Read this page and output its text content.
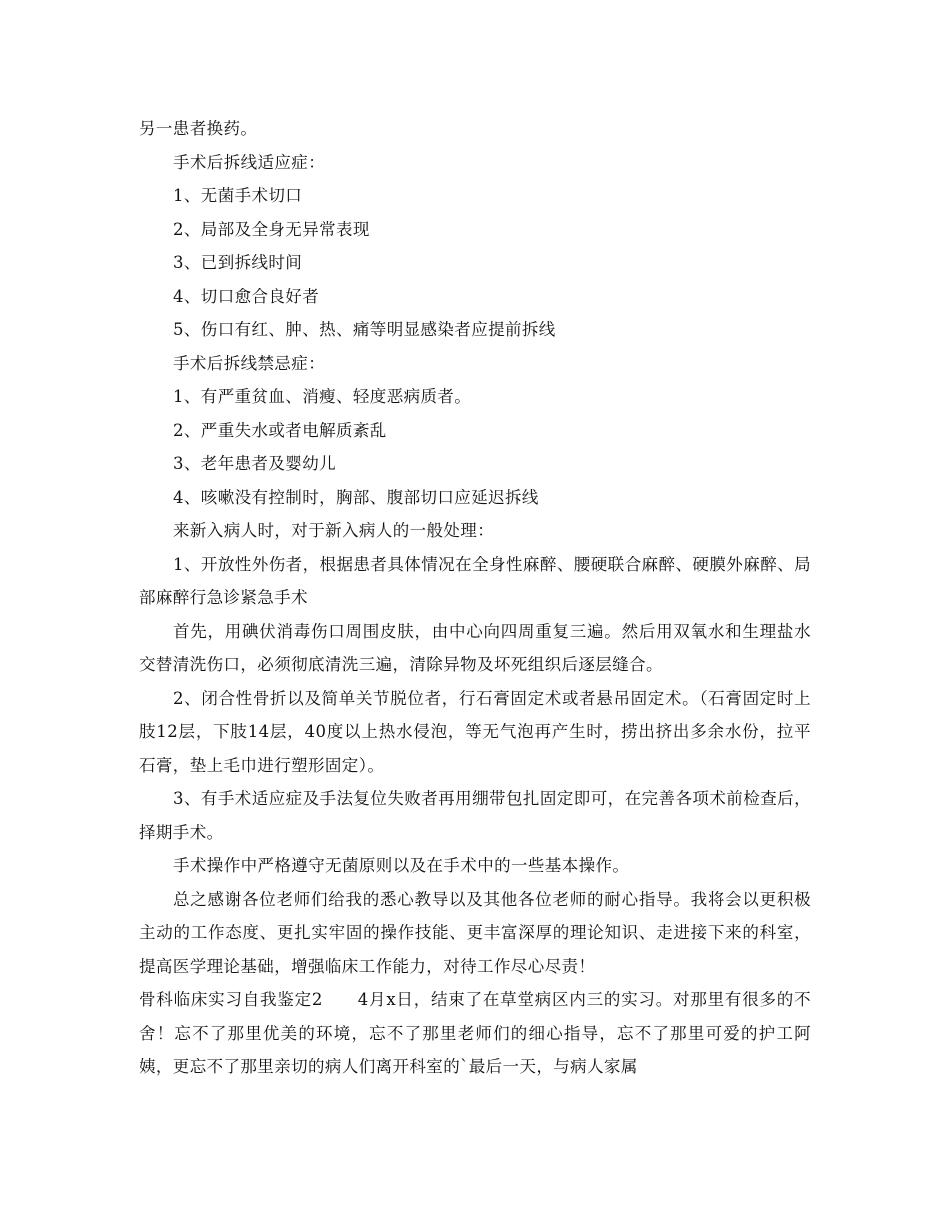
另一患者换药。

手术后拆线适应症：

1、无菌手术切口

2、局部及全身无异常表现

3、已到拆线时间

4、切口愈合良好者

5、伤口有红、肿、热、痛等明显感染者应提前拆线

手术后拆线禁忌症：

1、有严重贫血、消瘦、轻度恶病质者。

2、严重失水或者电解质紊乱

3、老年患者及婴幼儿

4、咳嗽没有控制时，胸部、腹部切口应延迟拆线

来新入病人时，对于新入病人的一般处理：

1、开放性外伤者，根据患者具体情况在全身性麻醉、腰硬联合麻醉、硬膜外麻醉、局部麻醉行急诊紧急手术

首先，用碘伏消毒伤口周围皮肤，由中心向四周重复三遍。然后用双氧水和生理盐水交替清洗伤口，必须彻底清洗三遍，清除异物及坏死组织后逐层缝合。

2、闭合性骨折以及简单关节脱位者，行石膏固定术或者悬吊固定术。（石膏固定时上肢12层，下肢14层，40度以上热水侵泡，等无气泡再产生时，捞出挤出多余水份，拉平石膏，垫上毛巾进行塑形固定）。

3、有手术适应症及手法复位失败者再用绷带包扎固定即可，在完善各项术前检查后，择期手术。

手术操作中严格遵守无菌原则以及在手术中的一些基本操作。

总之感谢各位老师们给我的悉心教导以及其他各位老师的耐心指导。我将会以更积极主动的工作态度、更扎实牢固的操作技能、更丰富深厚的理论知识、走进接下来的科室，提高医学理论基础，增强临床工作能力，对待工作尽心尽责！

骨科临床实习自我鉴定2　　4月x日，结束了在草堂病区内三的实习。对那里有很多的不舍！忘不了那里优美的环境，忘不了那里老师们的细心指导，忘不了那里可爱的护工阿姨，更忘不了那里亲切的病人们离开科室的`最后一天，与病人家属
